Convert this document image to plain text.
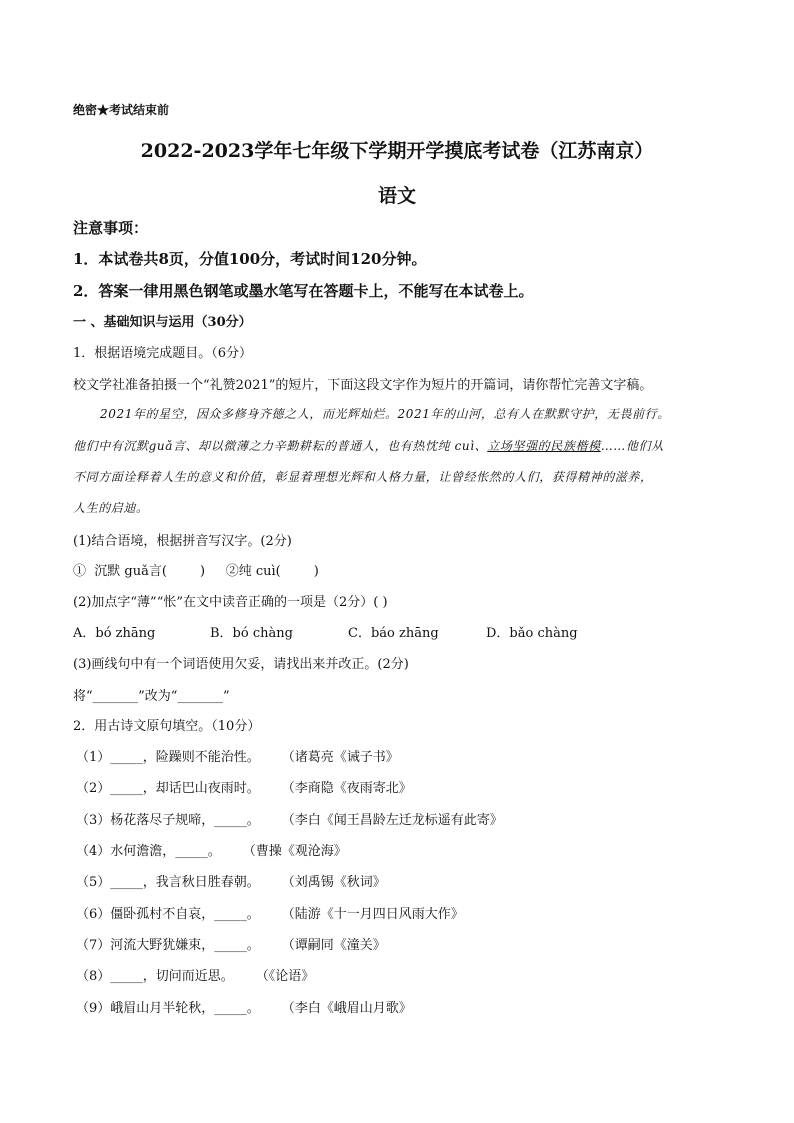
绝密★考试结束前
2022-2023学年七年级下学期开学摸底考试卷（江苏南京）
语文
注意事项：
1．本试卷共8页，分值100分，考试时间120分钟。
2．答案一律用黑色钢笔或墨水笔写在答题卡上，不能写在本试卷上。
一 、基础知识与运用（30分）
1．根据语境完成题目。（6分）
校文学社准备拍摄一个“礼赞2021”的短片，下面这段文字作为短片的开篇词，请你帮忙完善文字稿。
2021年的星空，因众多修身齐德之人，而光辉灿烂。2021年的山河，总有人在默默守护，无畏前行。
他们中有沉默guǎ言、却以微薄之力辛勤耕耘的普通人，也有热忱纯 cuì、立场坚强的民族楷模……他们从
不同方面诠释着人生的意义和价值，彰显着理想光辉和人格力量，让曾经怅然的人们，获得精神的滋养，
人生的启迪。
(1)结合语境，根据拼音写汉字。(2分)
①  沉默 guǎ言(        )     ②纯 cuì(        )
(2)加点字“薄”“怅”在文中读音正确的一项是（2分）( )
A．bó zhāng	B．bó chàng	C．báo zhāng	D．bǎo chàng
(3)画线句中有一个词语使用欠妥，请找出来并改正。(2分)
将“_______”改为“_______”
2．用古诗文原句填空。（10分）
（1）_____，险躁则不能治性。 （诸葛亮《诫子书》
（2）_____，却话巴山夜雨时。 （李商隐《夜雨寄北》
（3）杨花落尽子规啼，_____。 （李白《闻王昌龄左迁龙标遥有此寄》
（4）水何澹澹，_____。 （曹操《观沧海》
（5）_____，我言秋日胜春朝。 （刘禹锡《秋词》
（6）僵卧孤村不自哀，_____。 （陆游《十一月四日风雨大作》
（7）河流大野犹嫌束，_____。 （谭嗣同《潼关》
（8）_____，切问而近思。 （《论语》
（9）峨眉山月半轮秋，_____。 （李白《峨眉山月歌》
